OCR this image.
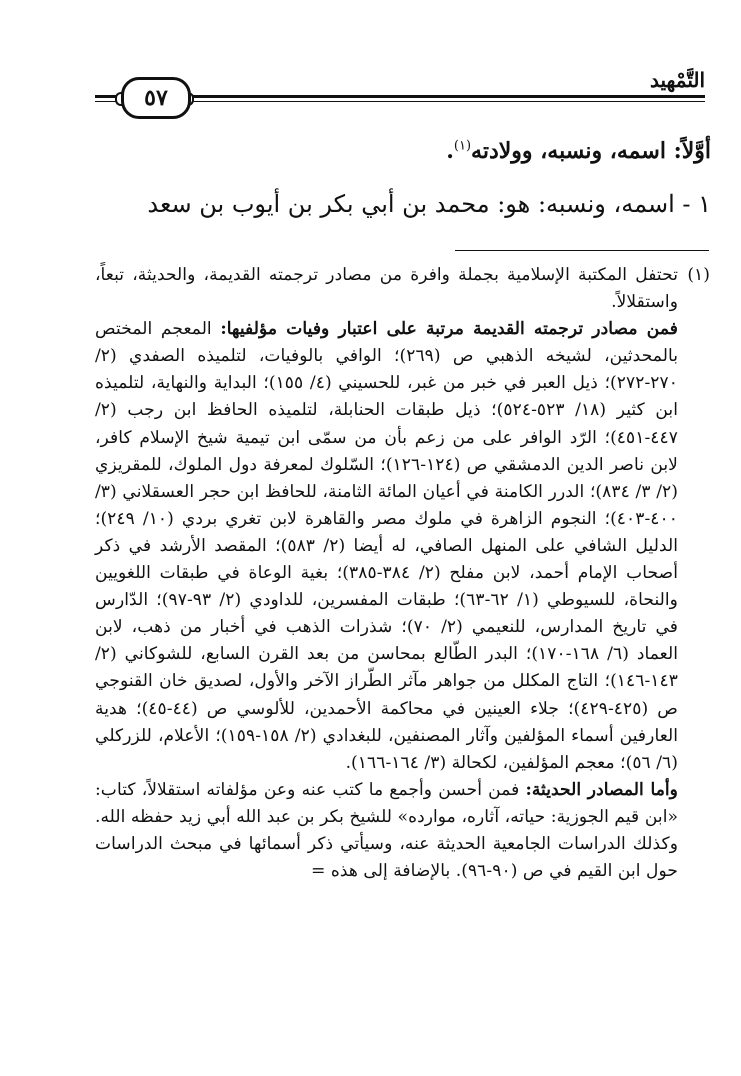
٥٧
التَّمْهيد
أوَّلاً: اسمه، ونسبه، وولادته$^{(١)}$.
١ - اسمه، ونسبه: هو: محمد بن أبي بكر بن أيوب بن سعد
(١)

تحتفل المكتبة الإسلامية بجملة وافرة من مصادر ترجمته القديمة، والحديثة، تبعاً، واستقلالاً.

فمن مصادر ترجمته القديمة مرتبة على اعتبار وفيات مؤلفيها: المعجم المختص بالمحدثين، لشيخه الذهبي ص (٢٦٩)؛ الوافي بالوفيات، لتلميذه الصفدي (٢/ ٢٧٠-٢٧٢)؛ ذيل العبر في خبر من غبر، للحسيني (٤/ ١٥٥)؛ البداية والنهاية، لتلميذه ابن كثير (١٨/ ٥٢٣-٥٢٤)؛ ذيل طبقات الحنابلة، لتلميذه الحافظ ابن رجب (٢/ ٤٤٧-٤٥١)؛ الرّد الوافر على من زعم بأن من سمّى ابن تيمية شيخ الإسلام كافر، لابن ناصر الدين الدمشقي ص (١٢٤-١٢٦)؛ السّلوك لمعرفة دول الملوك، للمقريزي (٢/ ٣/ ٨٣٤)؛ الدرر الكامنة في أعيان المائة الثامنة، للحافظ ابن حجر العسقلاني (٣/ ٤٠٠-٤٠٣)؛ النجوم الزاهرة في ملوك مصر والقاهرة لابن تغري بردي (١٠/ ٢٤٩)؛ الدليل الشافي على المنهل الصافي، له أيضا (٢/ ٥٨٣)؛ المقصد الأرشد في ذكر أصحاب الإمام أحمد، لابن مفلح (٢/ ٣٨٤-٣٨٥)؛ بغية الوعاة في طبقات اللغويين والنحاة، للسيوطي (١/ ٦٢-٦٣)؛ طبقات المفسرين، للداودي (٢/ ٩٣-٩٧)؛ الدّارس في تاريخ المدارس، للنعيمي (٢/ ٧٠)؛ شذرات الذهب في أخبار من ذهب، لابن العماد (٦/ ١٦٨-١٧٠)؛ البدر الطّالع بمحاسن من بعد القرن السابع، للشوكاني (٢/ ١٤٣-١٤٦)؛ التاج المكلل من جواهر مآثر الطّراز الآخر والأول، لصديق خان القنوجي ص (٤٢٥-٤٢٩)؛ جلاء العينين في محاكمة الأحمدين، للألوسي ص (٤٤-٤٥)؛ هدية العارفين أسماء المؤلفين وآثار المصنفين، للبغدادي (٢/ ١٥٨-١٥٩)؛ الأعلام، للزركلي (٦/ ٥٦)؛ معجم المؤلفين، لكحالة (٣/ ١٦٤-١٦٦).

وأما المصادر الحديثة: فمن أحسن وأجمع ما كتب عنه وعن مؤلفاته استقلالاً، كتاب: «ابن قيم الجوزية: حياته، آثاره، موارده» للشيخ بكر بن عبد الله أبي زيد حفظه الله. وكذلك الدراسات الجامعية الحديثة عنه، وسيأتي ذكر أسمائها في مبحث الدراسات حول ابن القيم في ص (٩٠-٩٦). بالإضافة إلى هذه =
